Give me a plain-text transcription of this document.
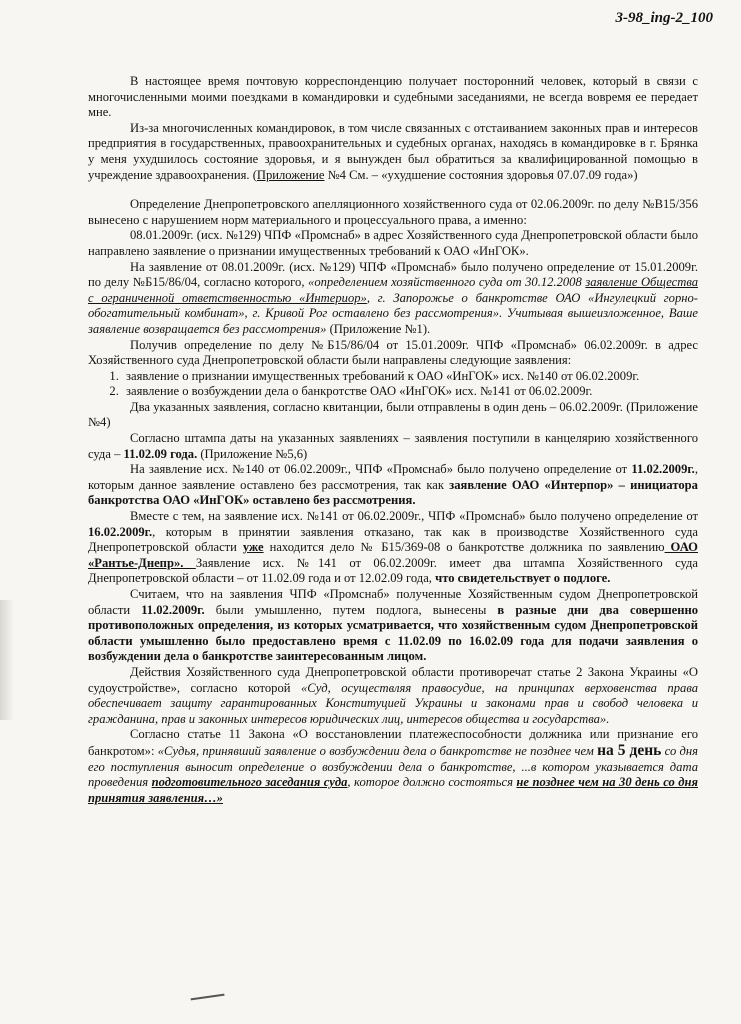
3-98_ing-2_100

В настоящее время почтовую корреспонденцию получает посторонний человек, который в связи с многочисленными моими поездками в командировки и судебными заседаниями, не всегда вовремя ее передает мне.

Из-за многочисленных командировок, в том числе связанных с отстаиванием законных прав и интересов предприятия в государственных, правоохранительных и судебных органах, находясь в командировке в г. Брянка у меня ухудшилось состояние здоровья, и я вынужден был обратиться за квалифицированной помощью в учреждение здравоохранения. (Приложение №4 См. – «ухудшение состояния здоровья 07.07.09 года»)

Определение Днепропетровского апелляционного хозяйственного суда от 02.06.2009г. по делу №В15/356 вынесено с нарушением норм материального и процессуального права, а именно:

08.01.2009г. (исх. №129) ЧПФ «Промснаб» в адрес Хозяйственного суда Днепропетровской области было направлено заявление о признании имущественных требований к ОАО «ИнГОК».

На заявление от 08.01.2009г. (исх. №129) ЧПФ «Промснаб» было получено определение от 15.01.2009г. по делу №Б15/86/04, согласно которого, «определением хозяйственного суда от 30.12.2008 заявление Общества с ограниченной ответственностью «Интериор», г. Запорожье о банкротстве ОАО «Ингулецкий горно-обогатительный комбинат», г. Кривой Рог оставлено без рассмотрения». Учитывая вышеизложенное, Ваше заявление возвращается без рассмотрения» (Приложение №1).

Получив определение по делу №Б15/86/04 от 15.01.2009г. ЧПФ «Промснаб» 06.02.2009г. в адрес Хозяйственного суда Днепропетровской области были направлены следующие заявления:

1. заявление о признании имущественных требований к ОАО «ИнГОК» исх. №140 от 06.02.2009г.
2. заявление о возбуждении дела о банкротстве ОАО «ИнГОК» исх. №141 от 06.02.2009г.

Два указанных заявления, согласно квитанции, были отправлены в один день – 06.02.2009г. (Приложение №4)

Согласно штампа даты на указанных заявлениях – заявления поступили в канцелярию хозяйственного суда – 11.02.09 года. (Приложение №5,6)

На заявление исх. №140 от 06.02.2009г., ЧПФ «Промснаб» было получено определение от 11.02.2009г., которым данное заявление оставлено без рассмотрения, так как заявление ОАО «Интерпор» – инициатора банкротства ОАО «ИнГОК» оставлено без рассмотрения.

Вместе с тем, на заявление исх. №141 от 06.02.2009г., ЧПФ «Промснаб» было получено определение от 16.02.2009г., которым в принятии заявления отказано, так как в производстве Хозяйственного суда Днепропетровской области уже находится дело № Б15/369-08 о банкротстве должника по заявлению ОАО «Рантье-Днепр». Заявление исх. №141 от 06.02.2009г. имеет два штампа Хозяйственного суда Днепропетровской области – от 11.02.09 года и от 12.02.09 года, что свидетельствует о подлоге.

Считаем, что на заявления ЧПФ «Промснаб» полученные Хозяйственным судом Днепропетровской области 11.02.2009г. были умышленно, путем подлога, вынесены в разные дни два совершенно противоположных определения, из которых усматривается, что хозяйственным судом Днепропетровской области умышленно было предоставлено время с 11.02.09 по 16.02.09 года для подачи заявления о возбуждении дела о банкротстве заинтересованным лицом.

Действия Хозяйственного суда Днепропетровской области противоречат статье 2 Закона Украины «О судоустройстве», согласно которой «Суд, осуществляя правосудие, на принципах верховенства права обеспечивает защиту гарантированных Конституцией Украины и законами прав и свобод человека и гражданина, прав и законных интересов юридических лиц, интересов общества и государства».

Согласно статье 11 Закона «О восстановлении платежеспособности должника или признание его банкротом»: «Судья, принявший заявление о возбуждении дела о банкротстве не позднее чем на 5 день со дня его поступления выносит определение о возбуждении дела о банкротстве, ...в котором указывается дата проведения подготовительного заседания суда, которое должно состояться не позднее чем на 30 день со дня принятия заявления…»
